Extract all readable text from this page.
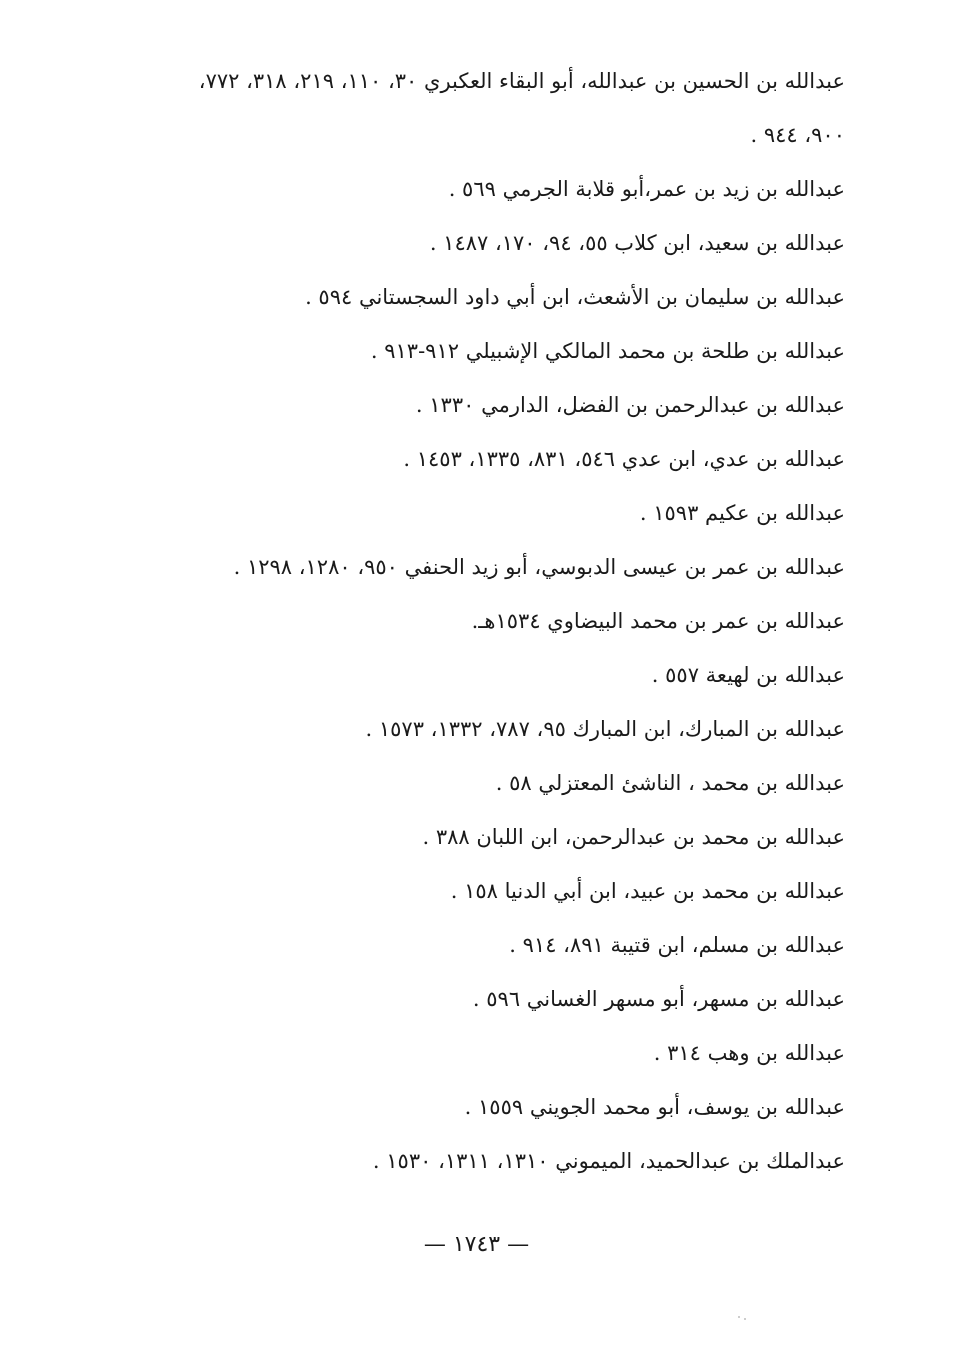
عبدالله بن الحسين بن عبدالله، أبو البقاء العكبري ٣٠، ١١٠، ٢١٩، ٣١٨، ٧٧٢،
٩٠٠، ٩٤٤ .
عبدالله بن زيد بن عمر،أبو قلابة الجرمي ٥٦٩ .
عبدالله بن سعيد، ابن كلاب ٥٥، ٩٤، ١٧٠، ١٤٨٧ .
عبدالله بن سليمان بن الأشعث، ابن أبي داود السجستاني ٥٩٤ .
عبدالله بن طلحة بن محمد المالكي الإشبيلي ٩١٢-٩١٣ .
عبدالله بن عبدالرحمن بن الفضل، الدارمي ١٣٣٠ .
عبدالله بن عدي، ابن عدي ٥٤٦، ٨٣١، ١٣٣٥، ١٤٥٣ .
عبدالله بن عكيم ١٥٩٣ .
عبدالله بن عمر بن عيسى الدبوسي، أبو زيد الحنفي ٩٥٠، ١٢٨٠، ١٢٩٨ .
عبدالله بن عمر بن محمد البيضاوي ١٥٣٤هـ.
عبدالله بن لهيعة ٥٥٧ .
عبدالله بن المبارك، ابن المبارك ٩٥، ٧٨٧، ١٣٣٢، ١٥٧٣ .
عبدالله بن محمد ، الناشئ المعتزلي ٥٨ .
عبدالله بن محمد بن عبدالرحمن، ابن اللبان ٣٨٨ .
عبدالله بن محمد بن عبيد، ابن أبي الدنيا ١٥٨ .
عبدالله بن مسلم، ابن قتيبة ٨٩١، ٩١٤ .
عبدالله بن مسهر، أبو مسهر الغساني ٥٩٦ .
عبدالله بن وهب ٣١٤ .
عبدالله بن يوسف، أبو محمد الجويني ١٥٥٩ .
عبدالملك بن عبدالحميد، الميموني ١٣١٠، ١٣١١، ١٥٣٠ .
— ١٧٤٣ —
